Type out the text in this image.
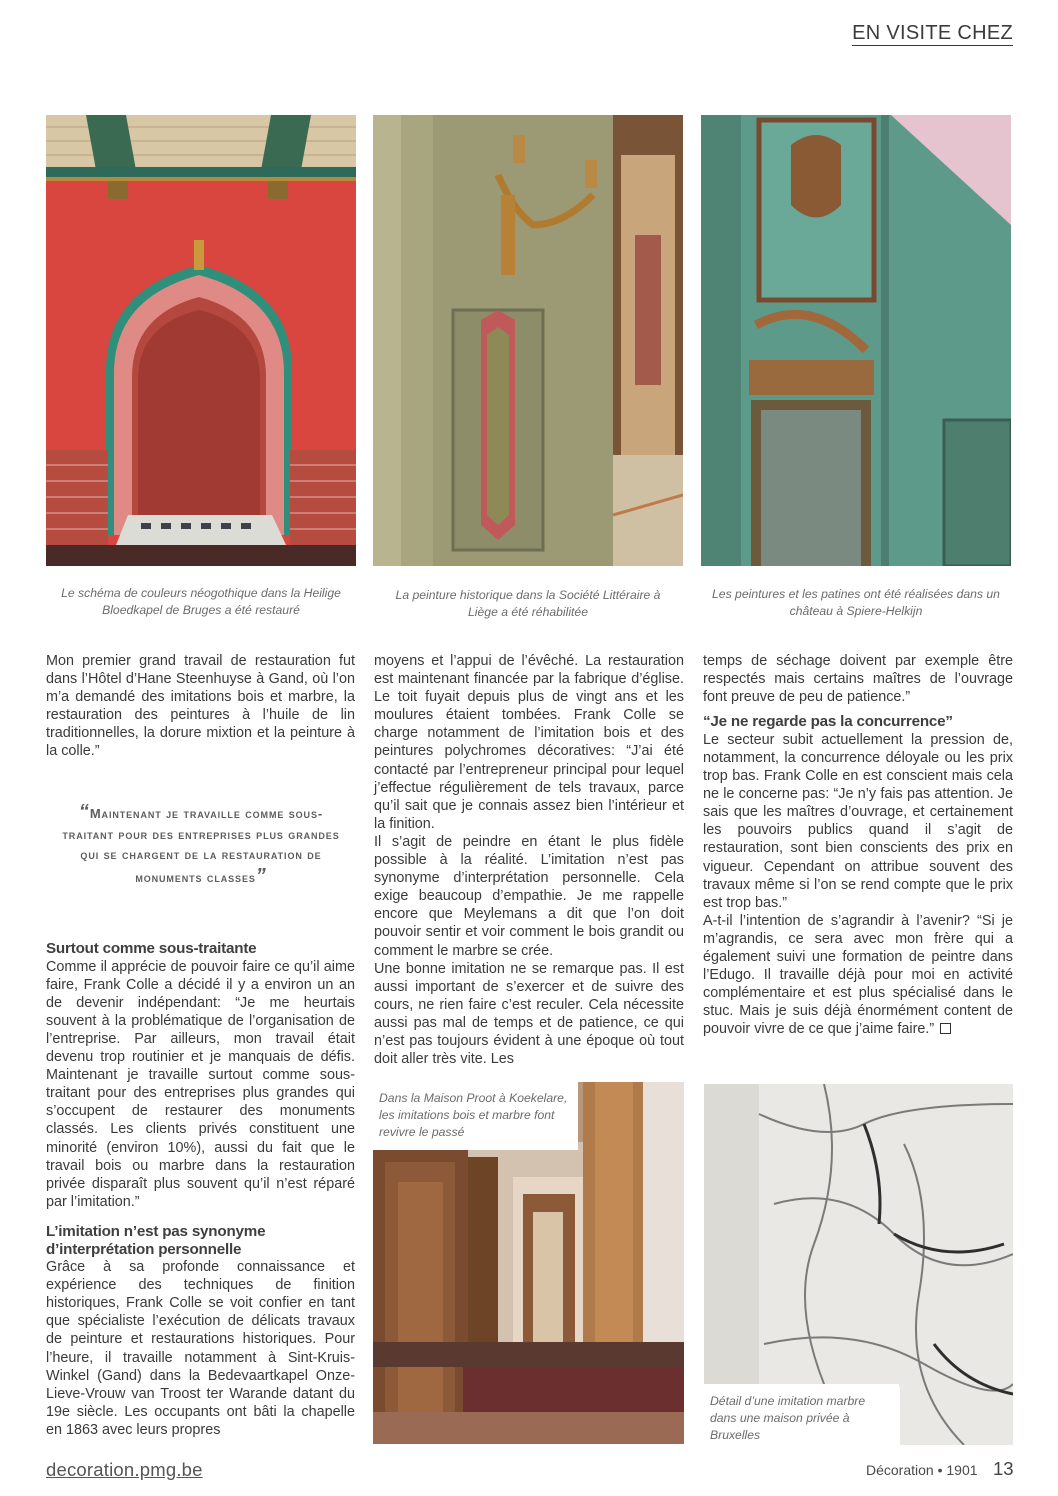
EN VISITE CHEZ
Le schéma de couleurs néogothique dans la Heilige
Bloedkapel de Bruges a été restauré
La peinture historique dans la Société Littéraire à
Liège a été réhabilitée
Les peintures et les patines ont été réalisées dans un
château à Spiere-Helkijn

Mon premier grand travail de restauration fut dans l’Hôtel d’Hane Steenhuyse à Gand, où l’on m’a demandé des imitations bois et marbre, la restauration des peintures à l’huile de lin traditionnelles, la dorure mixtion et la peinture à la colle.”

“Maintenant je travaille comme sous-traitant pour des entreprises plus grandes qui se chargent de la restauration de monuments classes”
Surtout comme sous-traitante

Comme il apprécie de pouvoir faire ce qu’il aime faire, Frank Colle a décidé il y a environ un an de devenir indépendant: “Je me heurtais souvent à la problématique de l’organisation de l’entreprise. Par ailleurs, mon travail était devenu trop routinier et je manquais de défis. Maintenant je travaille surtout comme sous-traitant pour des entreprises plus grandes qui s’occupent de restaurer des monuments classés. Les clients privés constituent une minorité (environ 10%), aussi du fait que le travail bois ou marbre dans la restauration privée disparaît plus souvent qu’il n’est réparé par l’imitation.”

L’imitation n’est pas synonyme d’interprétation personnelle

Grâce à sa profonde connaissance et expérience des techniques de finition historiques, Frank Colle se voit confier en tant que spécialiste l’exécution de délicats travaux de peinture et restaurations historiques. Pour l’heure, il travaille notamment à Sint-Kruis-Winkel (Gand) dans la Bedevaartkapel Onze-Lieve-Vrouw van Troost ter Warande datant du 19e siècle. Les occupants ont bâti la chapelle en 1863 avec leurs propres

moyens et l’appui de l’évêché. La restauration est maintenant financée par la fabrique d’église. Le toit fuyait depuis plus de vingt ans et les moulures étaient tombées. Frank Colle se charge notamment de l’imitation bois et des peintures polychromes décoratives: “J’ai été contacté par l’entrepreneur principal pour lequel j’effectue régulièrement de tels travaux, parce qu’il sait que je connais assez bien l’intérieur et la finition.

Il s’agit de peindre en étant le plus fidèle possible à la réalité. L’imitation n’est pas synonyme d’interprétation personnelle. Cela exige beaucoup d’empathie. Je me rappelle encore que Meylemans a dit que l’on doit pouvoir sentir et voir comment le bois grandit ou comment le marbre se crée.

Une bonne imitation ne se remarque pas. Il est aussi important de s’exercer et de suivre des cours, ne rien faire c’est reculer. Cela nécessite aussi pas mal de temps et de patience, ce qui n’est pas toujours évident à une époque où tout doit aller très vite. Les

temps de séchage doivent par exemple être respectés mais certains maîtres de l’ouvrage font preuve de peu de patience.”

“Je ne regarde pas la concurrence”

Le secteur subit actuellement la pression de, notamment, la concurrence déloyale ou les prix trop bas. Frank Colle en est conscient mais cela ne le concerne pas: “Je n’y fais pas attention. Je sais que les maîtres d’ouvrage, et certainement les pouvoirs publics quand il s’agit de restauration, sont bien conscients des prix en vigueur. Cependant on attribue souvent des travaux même si l’on se rend compte que le prix est trop bas.”

A-t-il l’intention de s’agrandir à l’avenir? “Si je m’agrandis, ce sera avec mon frère qui a également suivi une formation de peintre dans l’Edugo. Il travaille déjà pour moi en activité complémentaire et est plus spécialisé dans le stuc. Mais je suis déjà énormément content de pouvoir vivre de ce que j’aime faire.”

Dans la Maison Proot à Koekelare, les imitations bois et marbre font revivre le passé
Détail d’une imitation marbre dans une maison privée à Bruxelles
decoration.pmg.be	Décoration • 1901 13
